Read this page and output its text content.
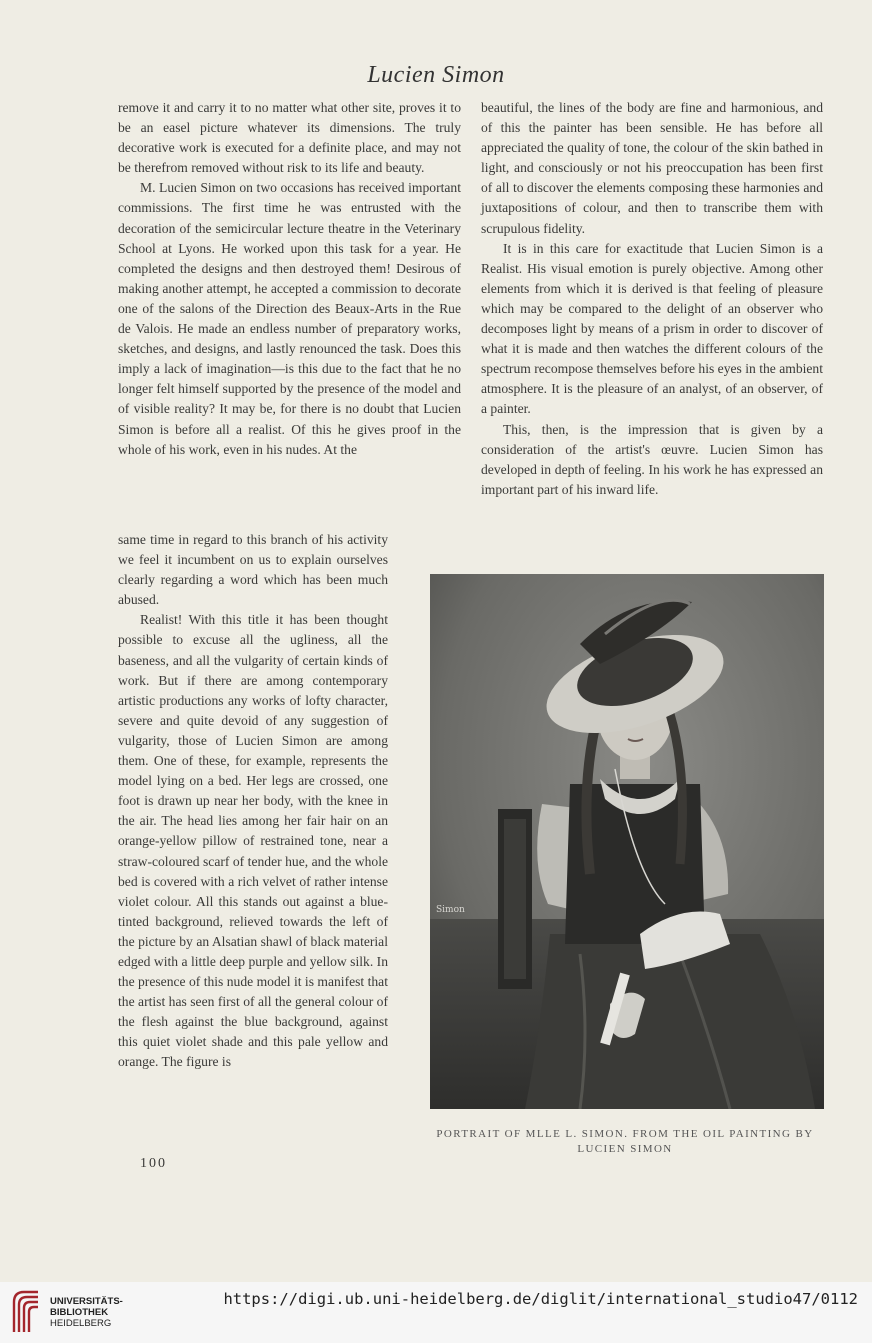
Lucien Simon

remove it and carry it to no matter what other site, proves it to be an easel picture whatever its dimensions. The truly decorative work is executed for a definite place, and may not be therefrom removed without risk to its life and beauty.

M. Lucien Simon on two occasions has received important commissions. The first time he was entrusted with the decoration of the semicircular lecture theatre in the Veterinary School at Lyons. He worked upon this task for a year. He completed the designs and then destroyed them! Desirous of making another attempt, he accepted a commission to decorate one of the salons of the Direction des Beaux-Arts in the Rue de Valois. He made an endless number of preparatory works, sketches, and designs, and lastly renounced the task. Does this imply a lack of imagination—is this due to the fact that he no longer felt himself supported by the presence of the model and of visible reality? It may be, for there is no doubt that Lucien Simon is before all a realist. Of this he gives proof in the whole of his work, even in his nudes. At the

same time in regard to this branch of his activity we feel it incumbent on us to explain ourselves clearly regarding a word which has been much abused.

Realist! With this title it has been thought possible to excuse all the ugliness, all the baseness, and all the vulgarity of certain kinds of work. But if there are among contemporary artistic productions any works of lofty character, severe and quite devoid of any suggestion of vulgarity, those of Lucien Simon are among them. One of these, for example, represents the model lying on a bed. Her legs are crossed, one foot is drawn up near her body, with the knee in the air. The head lies among her fair hair on an orange-yellow pillow of restrained tone, near a straw-coloured scarf of tender hue, and the whole bed is covered with a rich velvet of rather intense violet colour. All this stands out against a blue-tinted background, relieved towards the left of the picture by an Alsatian shawl of black material edged with a little deep purple and yellow silk. In the presence of this nude model it is manifest that the artist has seen first of all the general colour of the flesh against the blue background, against this quiet violet shade and this pale yellow and orange. The figure is

beautiful, the lines of the body are fine and harmonious, and of this the painter has been sensible. He has before all appreciated the quality of tone, the colour of the skin bathed in light, and consciously or not his preoccupation has been first of all to discover the elements composing these harmonies and juxtapositions of colour, and then to transcribe them with scrupulous fidelity.

It is in this care for exactitude that Lucien Simon is a Realist. His visual emotion is purely objective. Among other elements from which it is derived is that feeling of pleasure which may be compared to the delight of an observer who decomposes light by means of a prism in order to discover of what it is made and then watches the different colours of the spectrum recompose themselves before his eyes in the ambient atmosphere. It is the pleasure of an analyst, of an observer, of a painter.

This, then, is the impression that is given by a consideration of the artist's œuvre. Lucien Simon has developed in depth of feeling. In his work he has expressed an important part of his inward life.

Simon
PORTRAIT OF MLLE L. SIMON. FROM THE OIL PAINTING BY
LUCIEN SIMON
100
UNIVERSITÄTS-
BIBLIOTHEK
HEIDELBERG
https://digi.ub.uni-heidelberg.de/diglit/international_studio47/0112
